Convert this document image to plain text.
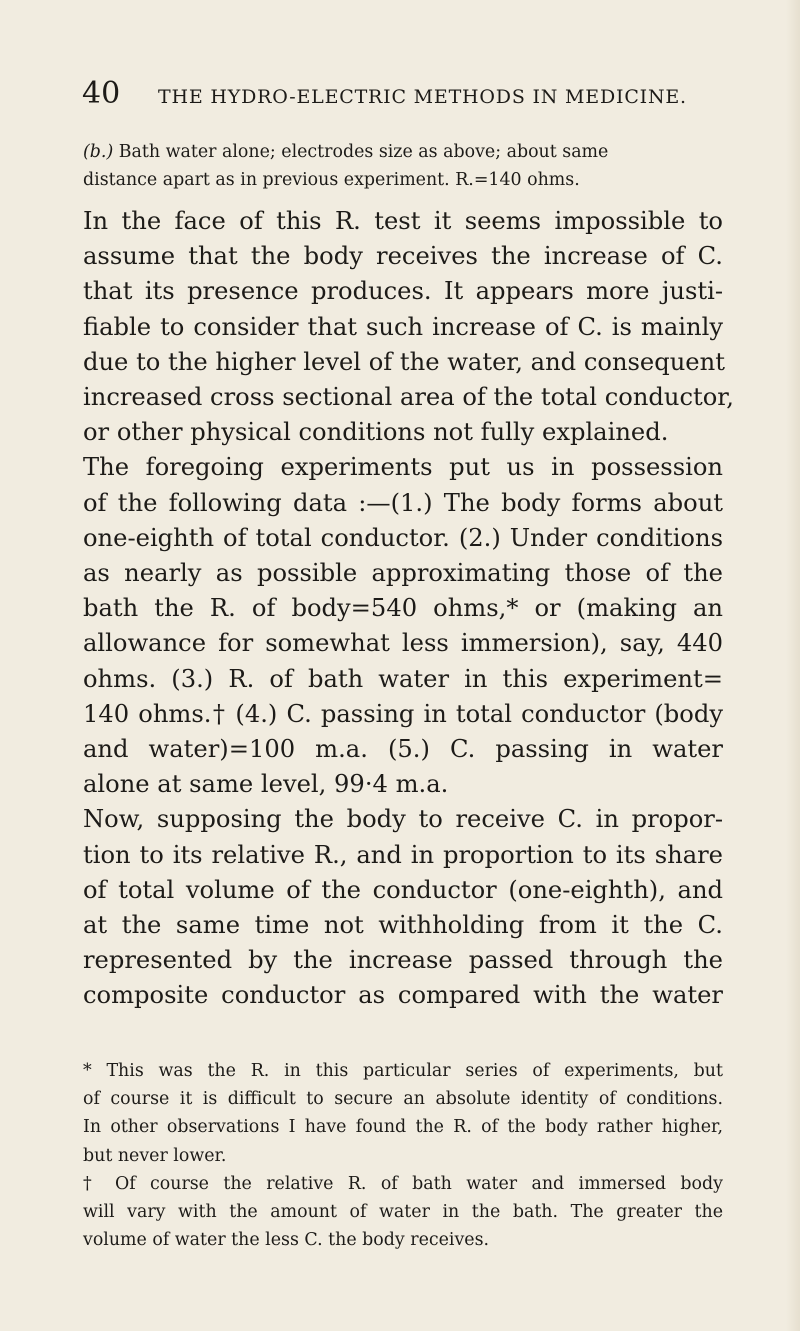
40 THE HYDRO-ELECTRIC METHODS IN MEDICINE.
(b.) Bath water alone; electrodes size as above; about same
distance apart as in previous experiment. R.=140 ohms.
In the face of this R. test it seems impossible to
assume that the body receives the increase of C.
that its presence produces. It appears more justi-
fiable to consider that such increase of C. is mainly
due to the higher level of the water, and consequent
increased cross sectional area of the total conductor,
or other physical conditions not fully explained.
The foregoing experiments put us in possession
of the following data :—(1.) The body forms about
one-eighth of total conductor. (2.) Under conditions
as nearly as possible approximating those of the
bath the R. of body=540 ohms,* or (making an
allowance for somewhat less immersion), say, 440
ohms. (3.) R. of bath water in this experiment=
140 ohms.† (4.) C. passing in total conductor (body
and water)=100 m.a. (5.) C. passing in water
alone at same level, 99·4 m.a.
Now, supposing the body to receive C. in propor-
tion to its relative R., and in proportion to its share
of total volume of the conductor (one-eighth), and
at the same time not withholding from it the C.
represented by the increase passed through the
composite conductor as compared with the water
* This was the R. in this particular series of experiments, but
of course it is difficult to secure an absolute identity of conditions.
In other observations I have found the R. of the body rather higher,
but never lower.
† Of course the relative R. of bath water and immersed body
will vary with the amount of water in the bath. The greater the
volume of water the less C. the body receives.
